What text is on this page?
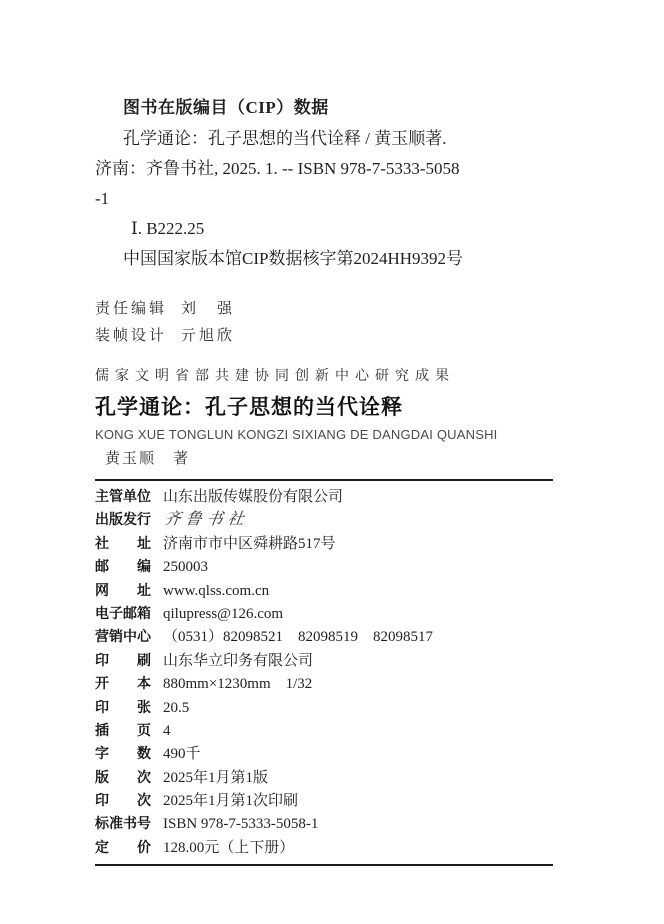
图书在版编目（CIP）数据
孔学通论：孔子思想的当代诠释 / 黄玉顺著.
济南：齐鲁书社, 2025. 1. -- ISBN 978-7-5333-5058
-1
Ⅰ. B222.25
中国国家版本馆CIP数据核字第2024HH9392号
责任编辑 刘　强
装帧设计 亓旭欣
儒家文明省部共建协同创新中心研究成果
孔学通论：孔子思想的当代诠释
KONG XUE TONGLUN KONGZI SIXIANG DE DANGDAI QUANSHI
黄玉顺　著
主管单位 山东出版传媒股份有限公司
出版发行 齐鲁书社
社　　址 济南市市中区舜耕路517号
邮　　编 250003
网　　址 www.qlss.com.cn
电子邮箱 qilupress@126.com
营销中心 （0531）82098521　82098519　82098517
印　　刷 山东华立印务有限公司
开　　本 880mm×1230mm　1/32
印　　张 20.5
插　　页 4
字　　数 490千
版　　次 2025年1月第1版
印　　次 2025年1月第1次印刷
标准书号 ISBN 978-7-5333-5058-1
定　　价 128.00元（上下册）
